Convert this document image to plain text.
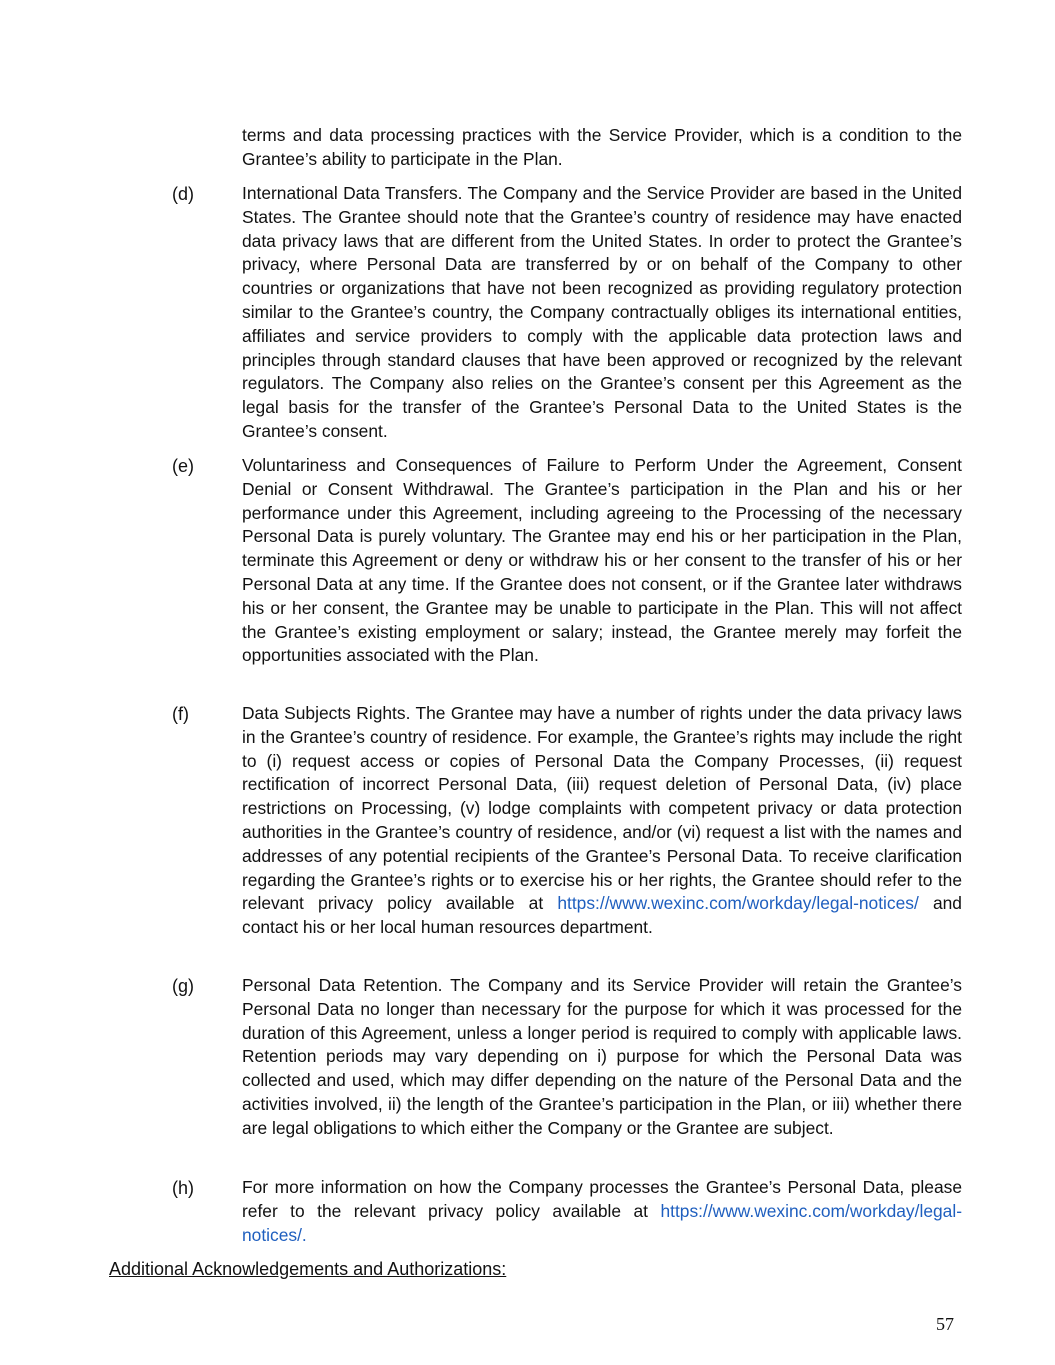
terms and data processing practices with the Service Provider, which is a condition to the Grantee’s ability to participate in the Plan.
(d)	International Data Transfers. The Company and the Service Provider are based in the United States. The Grantee should note that the Grantee’s country of residence may have enacted data privacy laws that are different from the United States. In order to protect the Grantee’s privacy, where Personal Data are transferred by or on behalf of the Company to other countries or organizations that have not been recognized as providing regulatory protection similar to the Grantee’s country, the Company contractually obliges its international entities, affiliates and service providers to comply with the applicable data protection laws and principles through standard clauses that have been approved or recognized by the relevant regulators. The Company also relies on the Grantee’s consent per this Agreement as the legal basis for the transfer of the Grantee’s Personal Data to the United States is the Grantee’s consent.
(e)	Voluntariness and Consequences of Failure to Perform Under the Agreement, Consent Denial or Consent Withdrawal. The Grantee’s participation in the Plan and his or her performance under this Agreement, including agreeing to the Processing of the necessary Personal Data is purely voluntary. The Grantee may end his or her participation in the Plan, terminate this Agreement or deny or withdraw his or her consent to the transfer of his or her Personal Data at any time. If the Grantee does not consent, or if the Grantee later withdraws his or her consent, the Grantee may be unable to participate in the Plan. This will not affect the Grantee’s existing employment or salary; instead, the Grantee merely may forfeit the opportunities associated with the Plan.
(f)	Data Subjects Rights. The Grantee may have a number of rights under the data privacy laws in the Grantee’s country of residence. For example, the Grantee’s rights may include the right to (i) request access or copies of Personal Data the Company Processes, (ii) request rectification of incorrect Personal Data, (iii) request deletion of Personal Data, (iv) place restrictions on Processing, (v) lodge complaints with competent privacy or data protection authorities in the Grantee’s country of residence, and/or (vi) request a list with the names and addresses of any potential recipients of the Grantee’s Personal Data. To receive clarification regarding the Grantee’s rights or to exercise his or her rights, the Grantee should refer to the relevant privacy policy available at https://www.wexinc.com/workday/legal-notices/ and contact his or her local human resources department.
(g)	Personal Data Retention. The Company and its Service Provider will retain the Grantee’s Personal Data no longer than necessary for the purpose for which it was processed for the duration of this Agreement, unless a longer period is required to comply with applicable laws. Retention periods may vary depending on i) purpose for which the Personal Data was collected and used, which may differ depending on the nature of the Personal Data and the activities involved, ii) the length of the Grantee’s participation in the Plan, or iii) whether there are legal obligations to which either the Company or the Grantee are subject.
(h)	For more information on how the Company processes the Grantee’s Personal Data, please refer to the relevant privacy policy available at https://www.wexinc.com/workday/legal-notices/.
Additional Acknowledgements and Authorizations:
57
